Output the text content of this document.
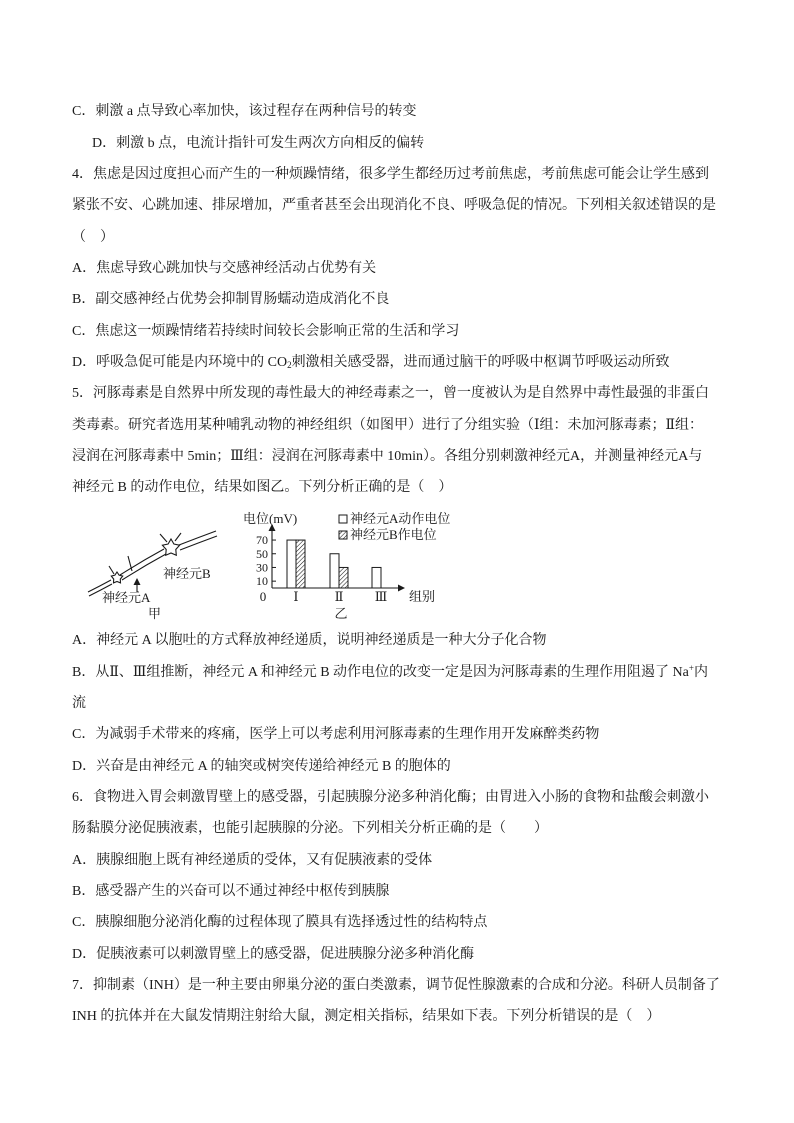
C．刺激 a 点导致心率加快，该过程存在两种信号的转变
D．刺激 b 点，电流计指针可发生两次方向相反的偏转
4．焦虑是因过度担心而产生的一种烦躁情绪，很多学生都经历过考前焦虑，考前焦虑可能会让学生感到
紧张不安、心跳加速、排尿增加，严重者甚至会出现消化不良、呼吸急促的情况。下列相关叙述错误的是
（　）
A．焦虑导致心跳加快与交感神经活动占优势有关
B．副交感神经占优势会抑制胃肠蠕动造成消化不良
C．焦虑这一烦躁情绪若持续时间较长会影响正常的生活和学习
D．呼吸急促可能是内环境中的 $CO_2$刺激相关感受器，进而通过脑干的呼吸中枢调节呼吸运动所致
5．河豚毒素是自然界中所发现的毒性最大的神经毒素之一，曾一度被认为是自然界中毒性最强的非蛋白
类毒素。研究者选用某种哺乳动物的神经组织（如图甲）进行了分组实验（Ⅰ组：未加河豚毒素；Ⅱ组：
浸润在河豚毒素中 5min；Ⅲ组：浸润在河豚毒素中 10min）。各组分别刺激神经元A，并测量神经元A与
神经元 B 的动作电位，结果如图乙。下列分析正确的是（　）
神经元B
神经元A
甲
电位(mV)	神经元A动作电位
神经元B作电位
0	组别
乙
10
30
50
70
Ⅰ	Ⅱ Ⅲ
A．神经元 A 以胞吐的方式释放神经递质，说明神经递质是一种大分子化合物
B．从Ⅱ、Ⅲ组推断，神经元 A 和神经元 B 动作电位的改变一定是因为河豚毒素的生理作用阻遏了 Na+内
流
C．为减弱手术带来的疼痛，医学上可以考虑利用河豚毒素的生理作用开发麻醉类药物
D．兴奋是由神经元 A 的轴突或树突传递给神经元 B 的胞体的
6．食物进入胃会刺激胃壁上的感受器，引起胰腺分泌多种消化酶；由胃进入小肠的食物和盐酸会刺激小
肠黏膜分泌促胰液素，也能引起胰腺的分泌。下列相关分析正确的是（　　）
A．胰腺细胞上既有神经递质的受体，又有促胰液素的受体
B．感受器产生的兴奋可以不通过神经中枢传到胰腺
C．胰腺细胞分泌消化酶的过程体现了膜具有选择透过性的结构特点
D．促胰液素可以刺激胃壁上的感受器，促进胰腺分泌多种消化酶
7．抑制素（INH）是一种主要由卵巢分泌的蛋白类激素，调节促性腺激素的合成和分泌。科研人员制备了
INH 的抗体并在大鼠发情期注射给大鼠，测定相关指标，结果如下表。下列分析错误的是（　）
